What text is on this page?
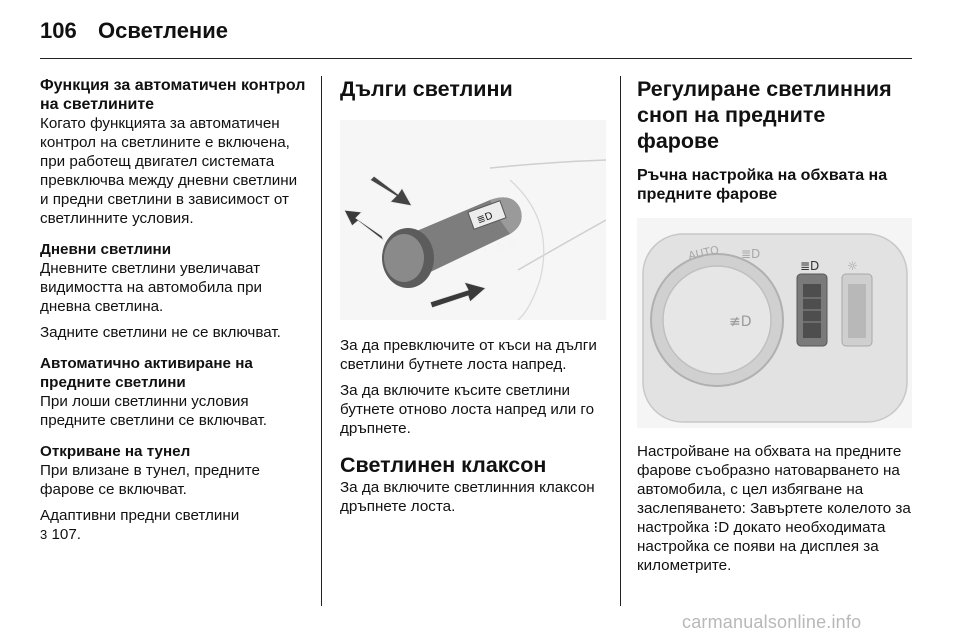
106 Осветление
Функция за автоматичен контрол на светлините

Когато функцията за автоматичен контрол на светлините е включена, при работещ двигател системата превключва между дневни светлини и предни светлини в зависимост от светлинните условия.

Дневни светлини

Дневните светлини увеличават видимостта на автомобила при дневна светлина.

Задните светлини не се включват.

Автоматично активиране на предните светлини

При лоши светлинни условия предните светлини се включват.

Откриване на тунел

При влизане в тунел, предните фарове се включват.

Адаптивни предни светлини

3 107.

Дълги светлини
≣D
↕ Φ Φ

За да превключите от къси на дълги светлини бутнете лоста напред.

За да включите късите светлини бутнете отново лоста напред или го дръпнете.

Светлинен клаксон

За да включите светлинния клаксон дръпнете лоста.

Регулиране светлинния сноп на предните фарове
Ръчна настройка на обхвата на предните фарове
≢D
AUTO ≣D
≣D ☼

Настройване на обхвата на предните фарове съобразно натоварването на автомобила, с цел избягване на заслепяването: Завъртете колелото за

настройка ⁝D докато необходимата настройка се появи на дисплея за километрите.

carmanualsonline.info
